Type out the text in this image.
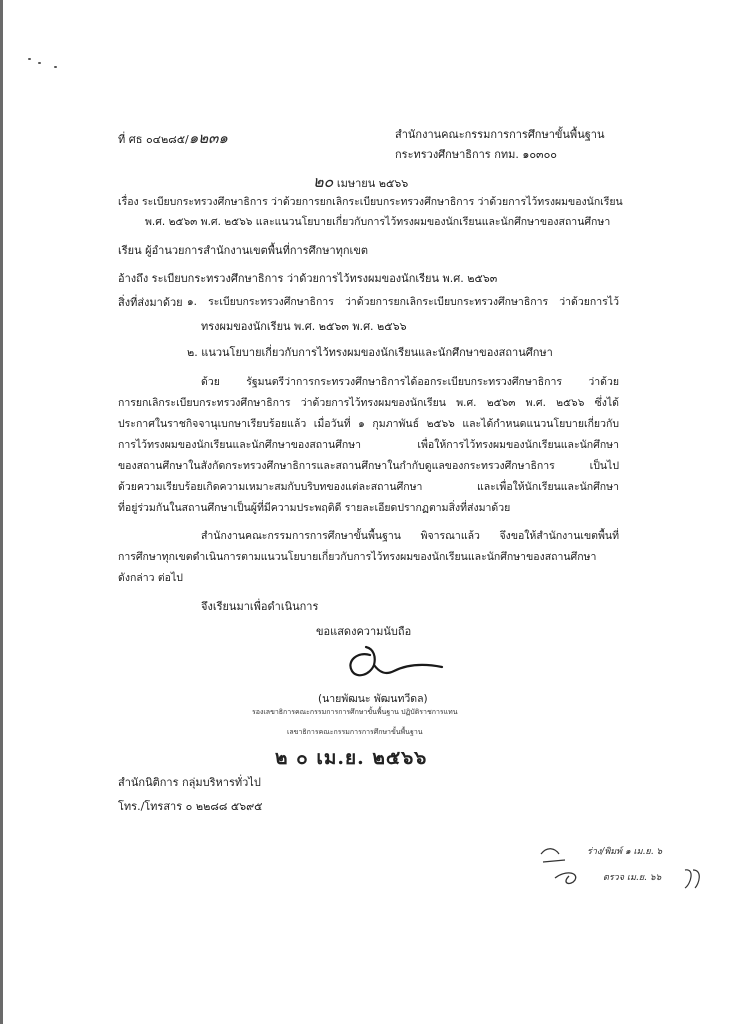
ที่ ศธ ๐๔๒๘๕/๑๒๓๑	สำนักงานคณะกรรมการการศึกษาขั้นพื้นฐาน
กระทรวงศึกษาธิการ กทม. ๑๐๓๐๐
๒๐ เมษายน ๒๕๖๖
เรื่อง ระเบียบกระทรวงศึกษาธิการ ว่าด้วยการยกเลิกระเบียบกระทรวงศึกษาธิการ ว่าด้วยการไว้ทรงผมของนักเรียน
พ.ศ. ๒๕๖๓ พ.ศ. ๒๕๖๖ และแนวนโยบายเกี่ยวกับการไว้ทรงผมของนักเรียนและนักศึกษาของสถานศึกษา
เรียน ผู้อำนวยการสำนักงานเขตพื้นที่การศึกษาทุกเขต
อ้างถึง ระเบียบกระทรวงศึกษาธิการ ว่าด้วยการไว้ทรงผมของนักเรียน พ.ศ. ๒๕๖๓
สิ่งที่ส่งมาด้วย ๑. ระเบียบกระทรวงศึกษาธิการ ว่าด้วยการยกเลิกระเบียบกระทรวงศึกษาธิการ ว่าด้วยการไว้
ทรงผมของนักเรียน พ.ศ. ๒๕๖๓ พ.ศ. ๒๕๖๖
๒. แนวนโยบายเกี่ยวกับการไว้ทรงผมของนักเรียนและนักศึกษาของสถานศึกษา
ด้วย รัฐมนตรีว่าการกระทรวงศึกษาธิการได้ออกระเบียบกระทรวงศึกษาธิการ ว่าด้วย
การยกเลิกระเบียบกระทรวงศึกษาธิการ ว่าด้วยการไว้ทรงผมของนักเรียน พ.ศ. ๒๕๖๓ พ.ศ. ๒๕๖๖ ซึ่งได้
ประกาศในราชกิจจานุเบกษาเรียบร้อยแล้ว เมื่อวันที่ ๑ กุมภาพันธ์ ๒๕๖๖ และได้กำหนดแนวนโยบายเกี่ยวกับ
การไว้ทรงผมของนักเรียนและนักศึกษาของสถานศึกษา เพื่อให้การไว้ทรงผมของนักเรียนและนักศึกษา
ของสถานศึกษาในสังกัดกระทรวงศึกษาธิการและสถานศึกษาในกำกับดูแลของกระทรวงศึกษาธิการ เป็นไป
ด้วยความเรียบร้อยเกิดความเหมาะสมกับบริบทของแต่ละสถานศึกษา และเพื่อให้นักเรียนและนักศึกษา
ที่อยู่ร่วมกันในสถานศึกษาเป็นผู้ที่มีความประพฤติดี รายละเอียดปรากฏตามสิ่งที่ส่งมาด้วย
สำนักงานคณะกรรมการการศึกษาขั้นพื้นฐาน พิจารณาแล้ว จึงขอให้สำนักงานเขตพื้นที่
การศึกษาทุกเขตดำเนินการตามแนวนโยบายเกี่ยวกับการไว้ทรงผมของนักเรียนและนักศึกษาของสถานศึกษา
ดังกล่าว ต่อไป
จึงเรียนมาเพื่อดำเนินการ
ขอแสดงความนับถือ
(นายพัฒนะ พัฒนทวีดล)
รองเลขาธิการคณะกรรมการการศึกษาขั้นพื้นฐาน ปฏิบัติราชการแทน
เลขาธิการคณะกรรมการการศึกษาขั้นพื้นฐาน
๒ ๐ เม.ย. ๒๕๖๖
สำนักนิติการ กลุ่มบริหารทั่วไป
โทร./โทรสาร ๐ ๒๒๘๘ ๕๖๙๕
ร่าง/พิมพ์ ๑ เม.ย. ๖
ตรวจ เม.ย. ๖๖
